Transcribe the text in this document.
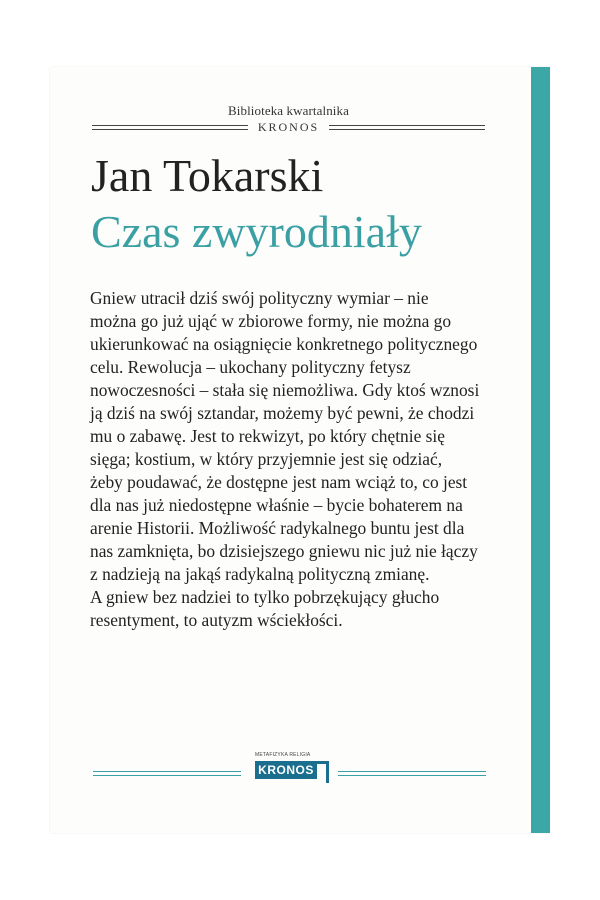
Biblioteka kwartalnika
KRONOS
Jan Tokarski
Czas zwyrodniały
Gniew utracił dziś swój polityczny wymiar – nie
można go już ująć w zbiorowe formy, nie można go
ukierunkować na osiągnięcie konkretnego politycznego
celu. Rewolucja – ukochany polityczny fetysz
nowoczesności – stała się niemożliwa. Gdy ktoś wznosi
ją dziś na swój sztandar, możemy być pewni, że chodzi
mu o zabawę. Jest to rekwizyt, po który chętnie się
sięga; kostium, w który przyjemnie jest się odziać,
żeby poudawać, że dostępne jest nam wciąż to, co jest
dla nas już niedostępne właśnie – bycie bohaterem na
arenie Historii. Możliwość radykalnego buntu jest dla
nas zamknięta, bo dzisiejszego gniewu nic już nie łączy
z nadzieją na jakąś radykalną polityczną zmianę.
A gniew bez nadziei to tylko pobrzękujący głucho
resentyment, to autyzm wściekłości.
METAFIZYKA RELIGIA
KRONOS
